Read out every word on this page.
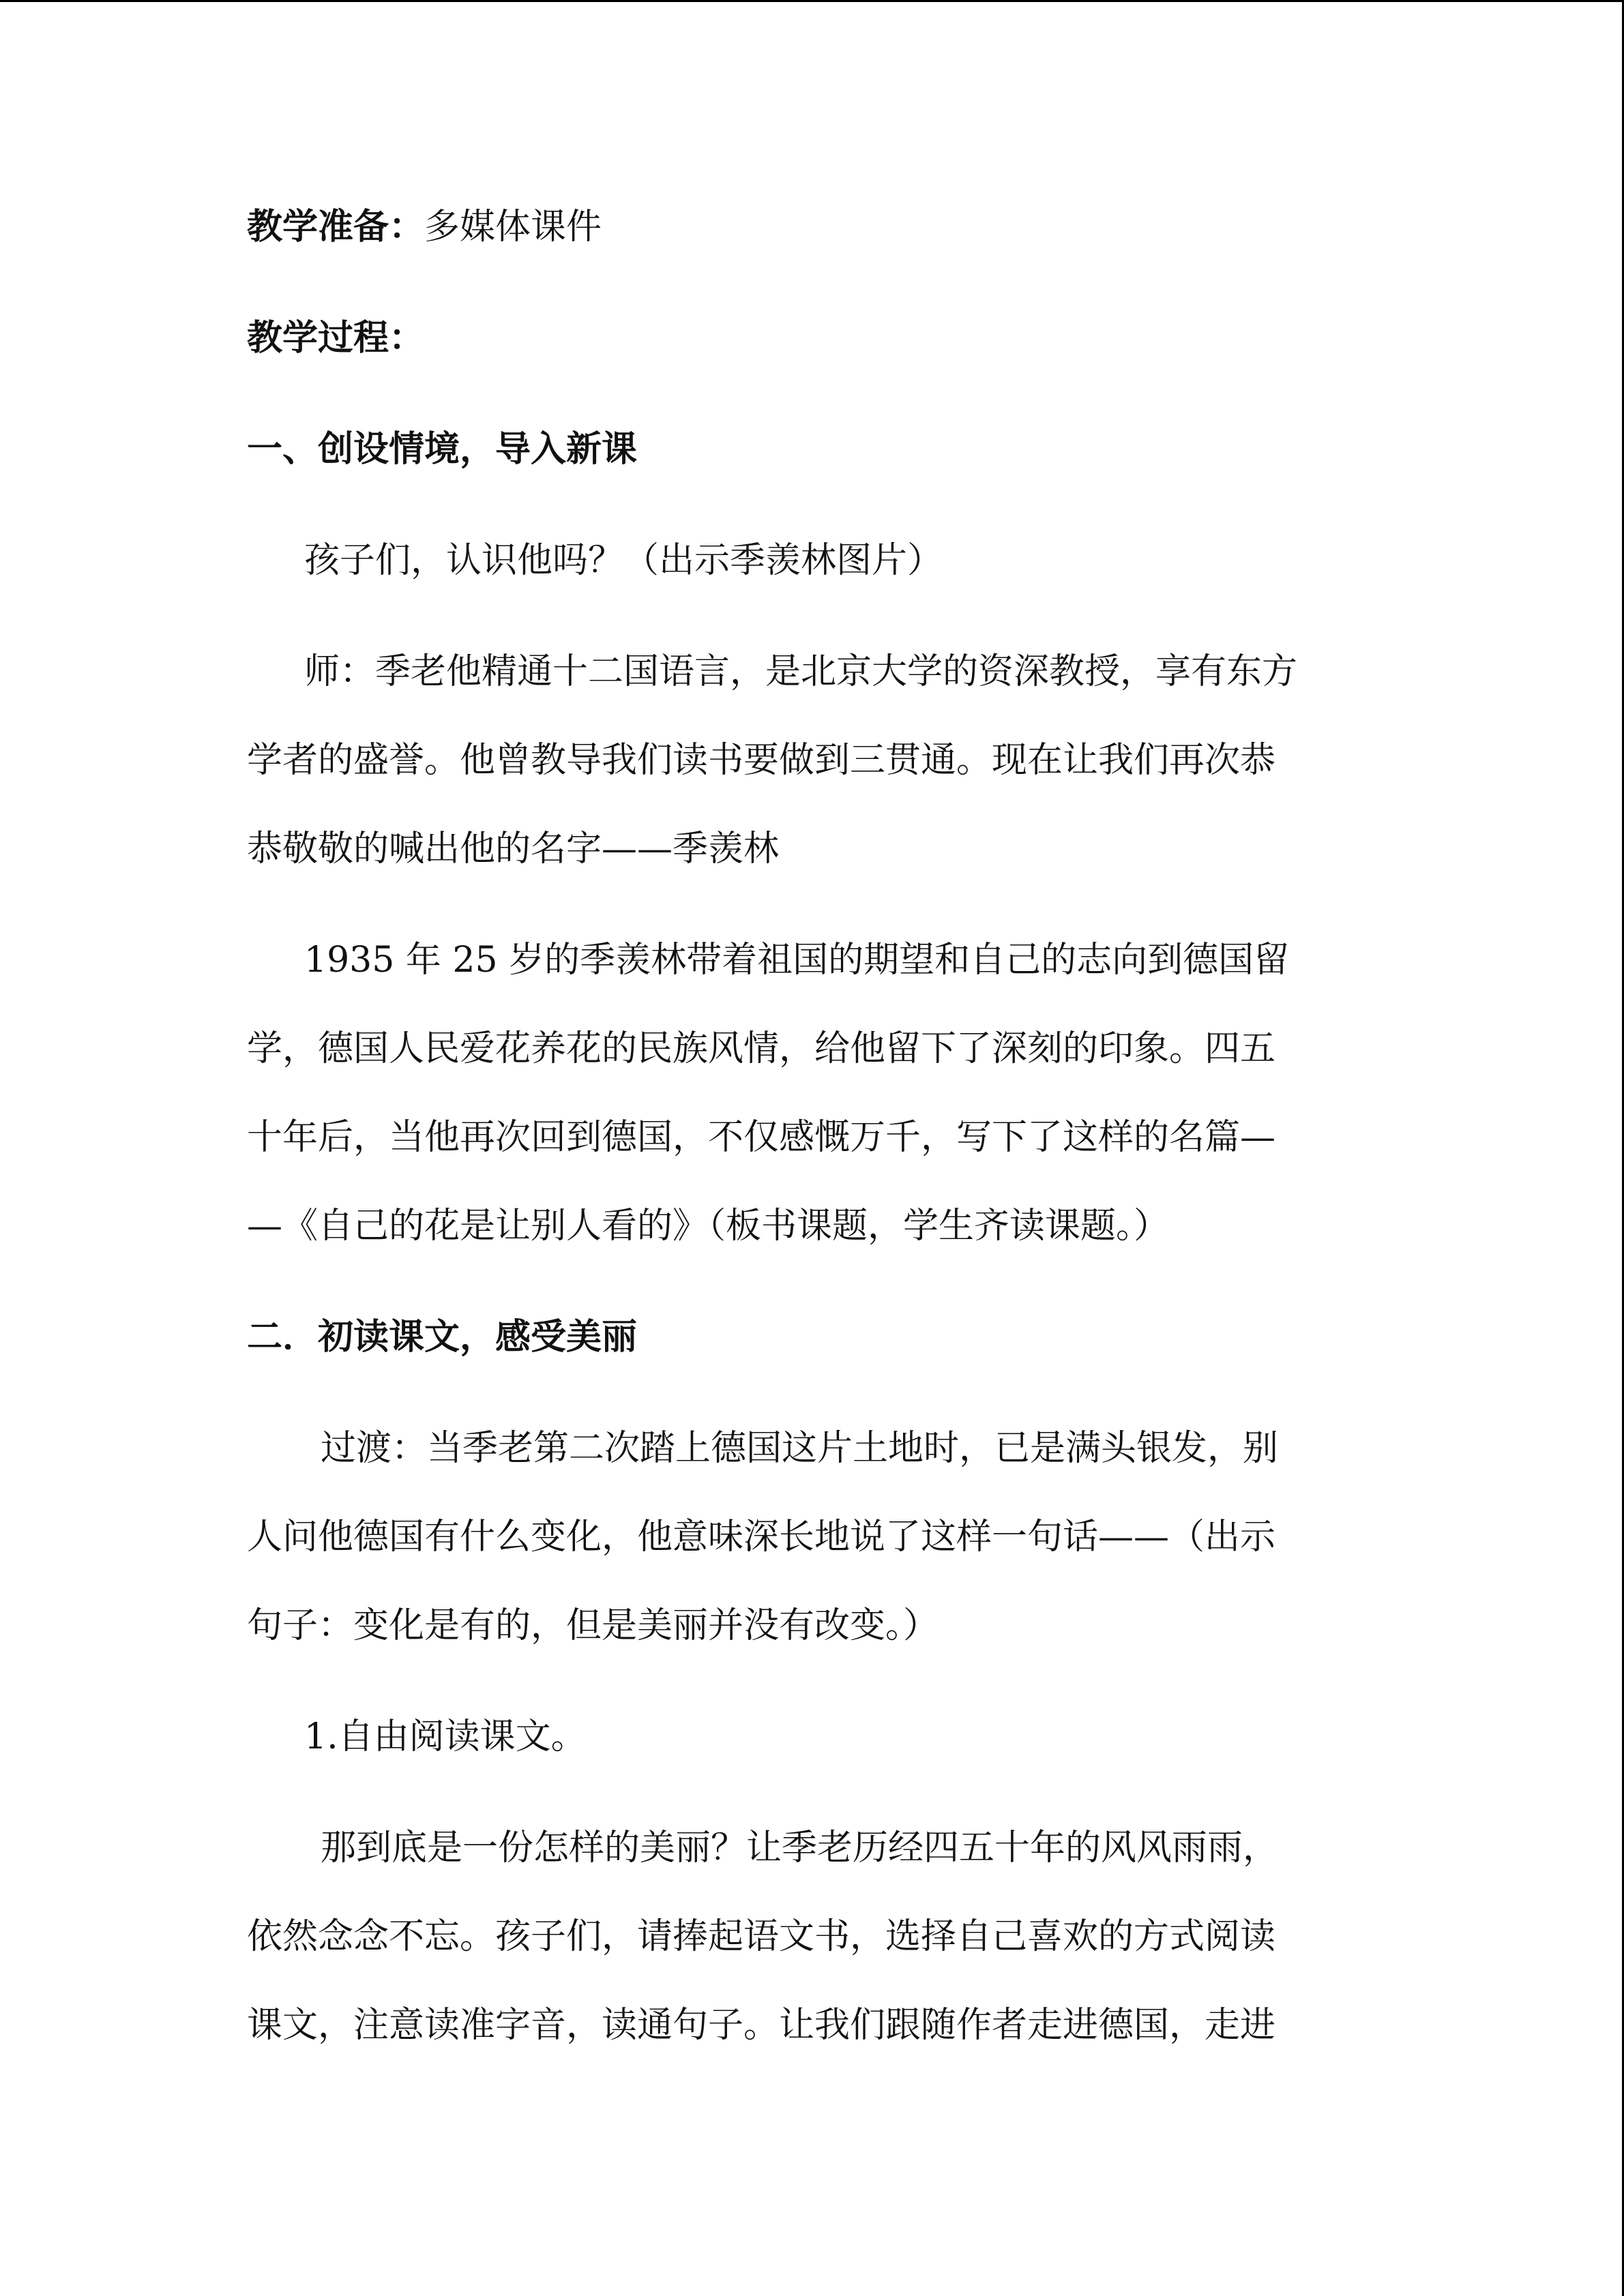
教学准备：多媒体课件
教学过程：
一、创设情境，导入新课
孩子们，认识他吗？（出示季羡林图片）
师：季老他精通十二国语言，是北京大学的资深教授，享有东方
学者的盛誉。他曾教导我们读书要做到三贯通。现在让我们再次恭
恭敬敬的喊出他的名字——季羡林
1935 年 25 岁的季羡林带着祖国的期望和自己的志向到德国留
学，德国人民爱花养花的民族风情，给他留下了深刻的印象。四五
十年后，当他再次回到德国，不仅感慨万千，写下了这样的名篇—
—《自己的花是让别人看的》（板书课题，学生齐读课题。）
二．初读课文，感受美丽
过渡：当季老第二次踏上德国这片土地时，已是满头银发，别
人问他德国有什么变化，他意味深长地说了这样一句话——（出示
句子：变化是有的，但是美丽并没有改变。）
1.自由阅读课文。
那到底是一份怎样的美丽？让季老历经四五十年的风风雨雨，
依然念念不忘。孩子们，请捧起语文书，选择自己喜欢的方式阅读
课文，注意读准字音，读通句子。让我们跟随作者走进德国，走进
